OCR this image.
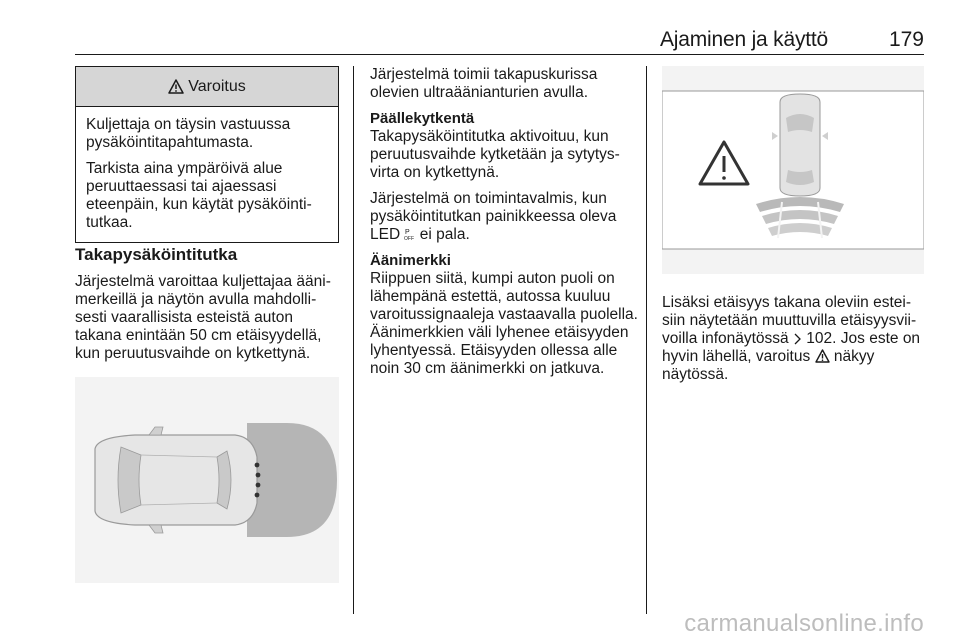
Ajaminen ja käyttö	179
Varoitus

Kuljettaja on täysin vastuussa pysäköintitapahtumasta.

Tarkista aina ympäröivä alue peruuttaessasi tai ajaessasi eteenpäin, kun käytät pysäköinti-tutkaa.

Takapysäköintitutka

Järjestelmä varoittaa kuljettajaa ääni-merkeillä ja näytön avulla mahdolli-sesti vaarallisista esteistä auton takana enintään 50 cm etäisyydellä, kun peruutusvaihde on kytkettynä.

Järjestelmä toimii takapuskurissa olevien ultraäänianturien avulla.

Päällekytkentä

Takapysäköintitutka aktivoituu, kun peruutusvaihde kytketään ja sytytys-virta on kytkettynä.

Järjestelmä on toimintavalmis, kun pysäköintitutkan painikkeessa oleva LED P
OFF ei pala.

Äänimerkki

Riippuen siitä, kumpi auton puoli on lähempänä estettä, autossa kuuluu varoitussignaaleja vastaavalla puolella. Äänimerkkien väli lyhenee etäisyyden lyhentyessä. Etäisyyden ollessa alle noin 30 cm äänimerkki on jatkuva.

Lisäksi etäisyys takana oleviin estei-siin näytetään muuttuvilla etäisyysvii-voilla infonäytössä 102. Jos este on hyvin lähellä, varoitus näkyy näytössä.

carmanualsonline.info
